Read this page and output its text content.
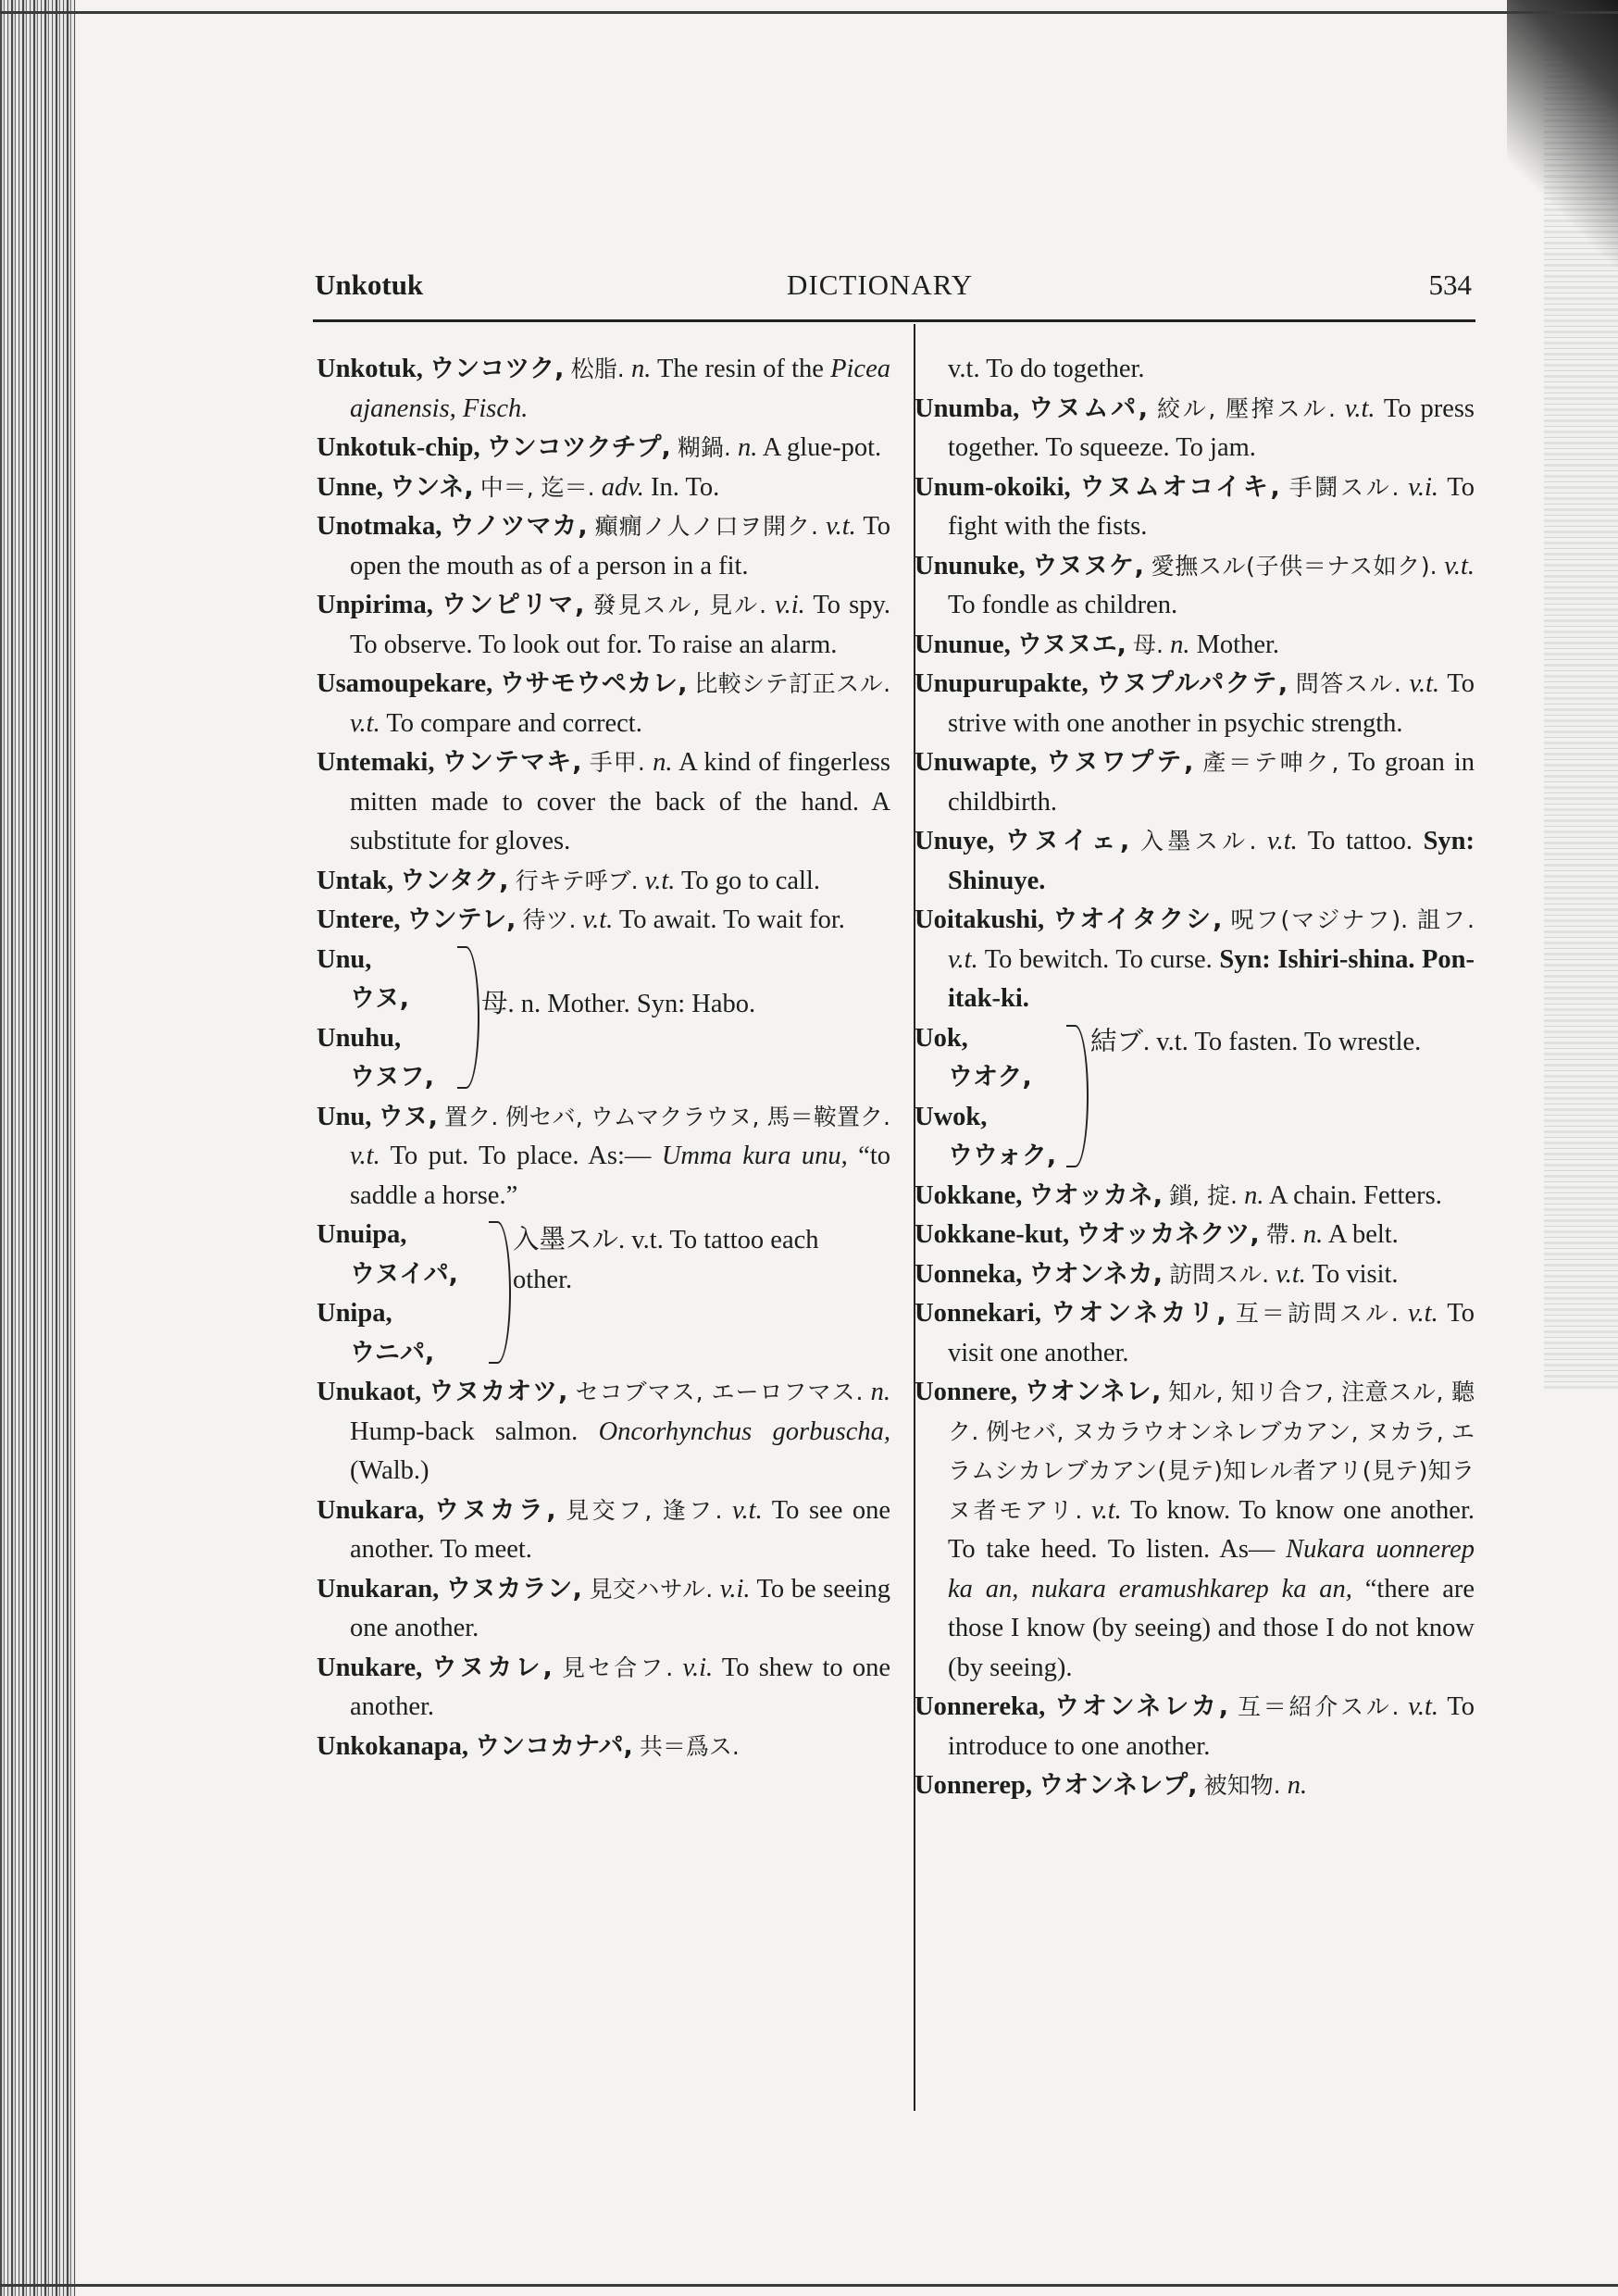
Unkotuk	DICTIONARY	534
Unkotuk, ウンコツク, 松脂. n. The resin of the Picea ajanensis, Fisch.
Unkotuk-chip, ウンコツクチプ, 糊鍋. n. A glue-pot.
Unne, ウンネ, 中＝, 迄＝. adv. In. To.
Unotmaka, ウノツマカ, 癲癇ノ人ノ口ヲ開ク. v.t. To open the mouth as of a person in a fit.
Unpirima, ウンピリマ, 發見スル, 見ル. v.i. To spy. To observe. To look out for. To raise an alarm.
Usamoupekare, ウサモウペカレ, 比較シテ訂正スル. v.t. To compare and correct.
Untemaki, ウンテマキ, 手甲. n. A kind of fingerless mitten made to cover the back of the hand. A substitute for gloves.
Untak, ウンタク, 行キテ呼ブ. v.t. To go to call.
Untere, ウンテレ, 待ツ. v.t. To await. To wait for.
Unu,
ウヌ,
Unuhu,
ウヌフ,
母. n. Mother. Syn: Habo.
Unu, ウヌ, 置ク. 例セバ, ウムマクラウヌ, 馬＝鞍置ク. v.t. To put. To place. As:— Umma kura unu, “to saddle a horse.”
Unuipa,
ウヌイパ,
Unipa,
ウニパ,
入墨スル. v.t. To tattoo each other.
Unukaot, ウヌカオツ, セコブマス, エーロフマス. n. Hump-back salmon. Oncorhynchus gorbuscha, (Walb.)
Unukara, ウヌカラ, 見交フ, 逢フ. v.t. To see one another. To meet.
Unukaran, ウヌカラン, 見交ハサル. v.i. To be seeing one another.
Unukare, ウヌカレ, 見セ合フ. v.i. To shew to one another.
Unkokanapa, ウンコカナパ, 共＝爲ス.
v.t. To do together.
Unumba, ウヌムパ, 絞ル, 壓搾スル. v.t. To press together. To squeeze. To jam.
Unum-okoiki, ウヌムオコイキ, 手鬪スル. v.i. To fight with the fists.
Ununuke, ウヌヌケ, 愛撫スル(子供＝ナス如ク). v.t. To fondle as children.
Ununue, ウヌヌエ, 母. n. Mother.
Unupurupakte, ウヌプルパクテ, 問答スル. v.t. To strive with one another in psychic strength.
Unuwapte, ウヌワプテ, 產＝テ呻ク, To groan in childbirth.
Unuye, ウヌイェ, 入墨スル. v.t. To tattoo. Syn: Shinuye.
Uoitakushi, ウオイタクシ, 呪フ(マジナフ). 詛フ. v.t. To bewitch. To curse. Syn: Ishiri-shina. Pon-itak-ki.
Uok,
ウオク,
Uwok,
ウウォク,
結ブ. v.t. To fasten. To wrestle.
Uokkane, ウオッカネ, 鎖, 掟. n. A chain. Fetters.
Uokkane-kut, ウオッカネクツ, 帶. n. A belt.
Uonneka, ウオンネカ, 訪問スル. v.t. To visit.
Uonnekari, ウオンネカリ, 互＝訪問スル. v.t. To visit one another.
Uonnere, ウオンネレ, 知ル, 知リ合フ, 注意スル, 聽ク. 例セバ, ヌカラウオンネレブカアン, ヌカラ, エラムシカレブカアン(見テ)知レル者アリ(見テ)知ラヌ者モアリ. v.t. To know. To know one another. To take heed. To listen. As— Nukara uonnerep ka an, nukara eramushkarep ka an, “there are those I know (by seeing) and those I do not know (by seeing).
Uonnereka, ウオンネレカ, 互＝紹介スル. v.t. To introduce to one another.
Uonnerep, ウオンネレプ, 被知物. n.
